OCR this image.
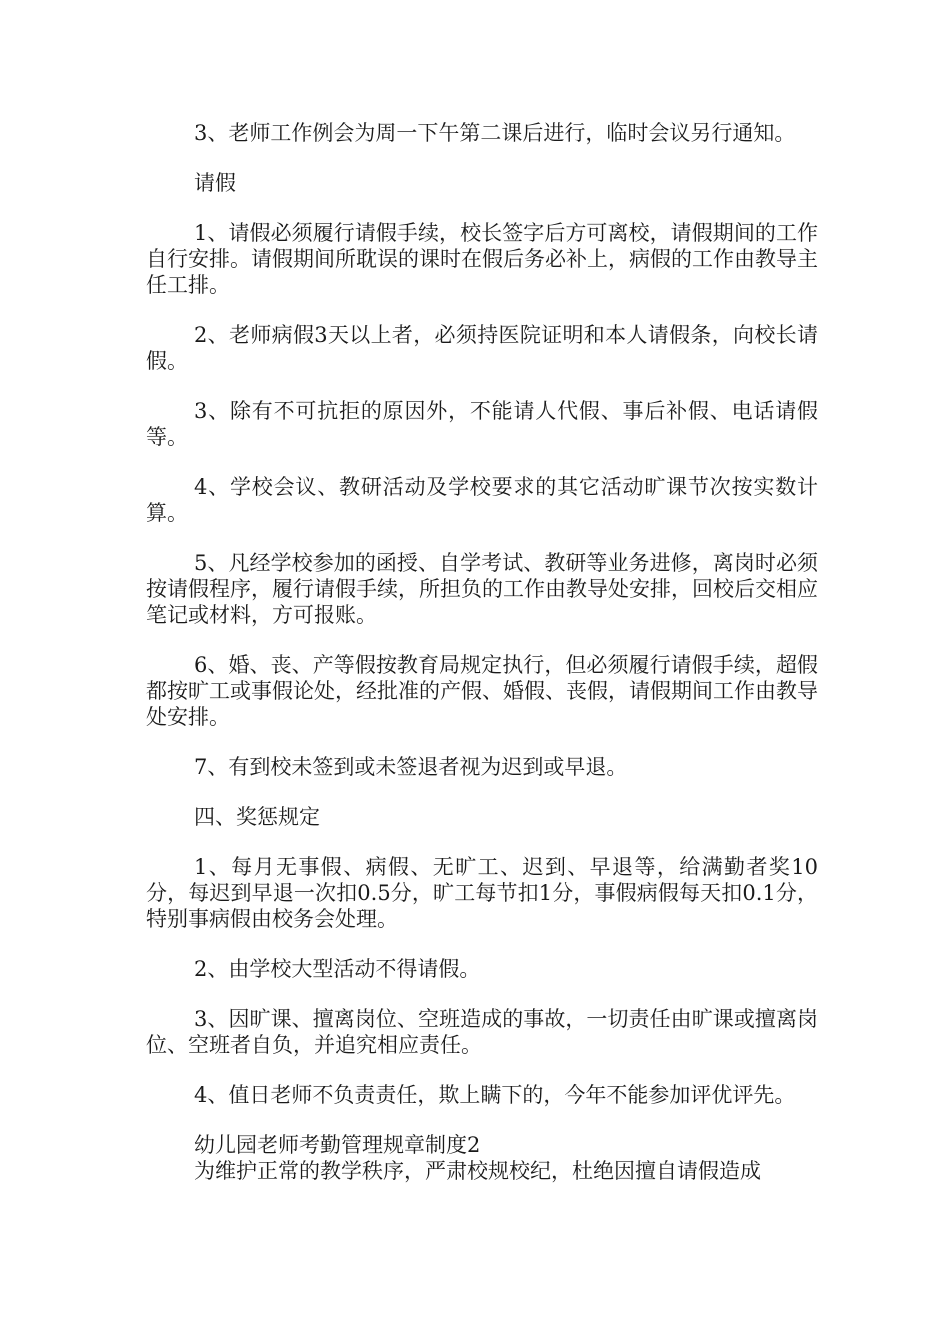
3、老师工作例会为周一下午第二课后进行，临时会议另行通知。

请假

1、请假必须履行请假手续，校长签字后方可离校，请假期间的工作自行安排。请假期间所耽误的课时在假后务必补上，病假的工作由教导主任工排。

2、老师病假3天以上者，必须持医院证明和本人请假条，向校长请假。

3、除有不可抗拒的原因外，不能请人代假、事后补假、电话请假等。

4、学校会议、教研活动及学校要求的其它活动旷课节次按实数计算。

5、凡经学校参加的函授、自学考试、教研等业务进修，离岗时必须按请假程序，履行请假手续，所担负的工作由教导处安排，回校后交相应笔记或材料，方可报账。

6、婚、丧、产等假按教育局规定执行，但必须履行请假手续，超假都按旷工或事假论处，经批准的产假、婚假、丧假，请假期间工作由教导处安排。

7、有到校未签到或未签退者视为迟到或早退。

四、奖惩规定

1、每月无事假、病假、无旷工、迟到、早退等，给满勤者奖10分，每迟到早退一次扣0.5分，旷工每节扣1分，事假病假每天扣0.1分，特别事病假由校务会处理。

2、由学校大型活动不得请假。

3、因旷课、擅离岗位、空班造成的事故，一切责任由旷课或擅离岗位、空班者自负，并追究相应责任。

4、值日老师不负责责任，欺上瞒下的，今年不能参加评优评先。

幼儿园老师考勤管理规章制度2

为维护正常的教学秩序，严肃校规校纪，杜绝因擅自请假造成
